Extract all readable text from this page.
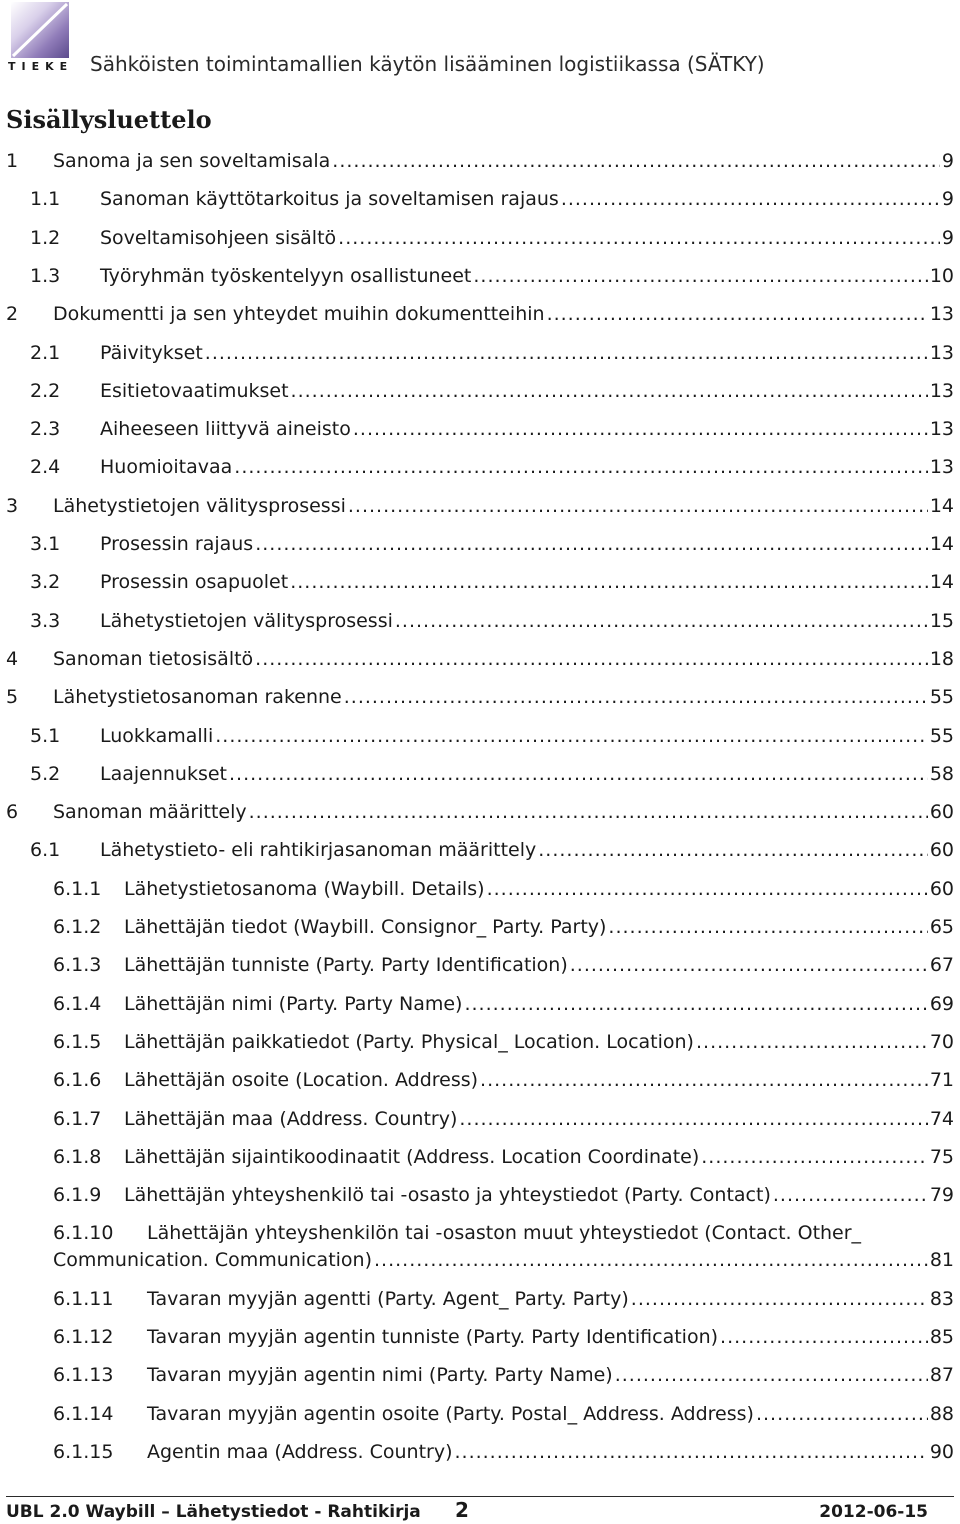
TIEKE Sähköisten toimintamallien käytön lisääminen logistiikassa (SÄTKY)
Sisällysluettelo
1 Sanoma ja sen soveltamisala .....	9
1.1 Sanoman käyttötarkoitus ja soveltamisen rajaus .....	9
1.2 Soveltamisohjeen sisältö .....	9
1.3 Työryhmän työskentelyyn osallistuneet .....	10
2 Dokumentti ja sen yhteydet muihin dokumentteihin .....	13
2.1 Päivitykset .....	13
2.2 Esitietovaatimukset .....	13
2.3 Aiheeseen liittyvä aineisto .....	13
2.4 Huomioitavaa .....	13
3 Lähetystietojen välitysprosessi .....	14
3.1 Prosessin rajaus .....	14
3.2 Prosessin osapuolet .....	14
3.3 Lähetystietojen välitysprosessi .....	15
4 Sanoman tietosisältö .....	18
5 Lähetystietosanoman rakenne .....	55
5.1 Luokkamalli .....	55
5.2 Laajennukset .....	58
6 Sanoman määrittely .....	60
6.1 Lähetystieto- eli rahtikirjasanoman määrittely .....	60
6.1.1 Lähetystietosanoma (Waybill. Details) .....	60
6.1.2 Lähettäjän tiedot (Waybill. Consignor_ Party. Party) .....	65
6.1.3 Lähettäjän tunniste (Party. Party Identification) .....	67
6.1.4 Lähettäjän nimi (Party. Party Name) .....	69
6.1.5 Lähettäjän paikkatiedot (Party. Physical_ Location. Location) .....	70
6.1.6 Lähettäjän osoite (Location. Address) .....	71
6.1.7 Lähettäjän maa (Address. Country) .....	74
6.1.8 Lähettäjän sijaintikoodinaatit (Address. Location Coordinate) .....	75
6.1.9 Lähettäjän yhteyshenkilö tai -osasto ja yhteystiedot (Party. Contact) .....	79
6.1.10 Lähettäjän yhteyshenkilön tai -osaston muut yhteystiedot (Contact. Other_
Communication. Communication) .....	81
6.1.11 Tavaran myyjän agentti (Party. Agent_ Party. Party) .....	83
6.1.12 Tavaran myyjän agentin tunniste (Party. Party Identification) .....	85
6.1.13 Tavaran myyjän agentin nimi (Party. Party Name) .....	87
6.1.14 Tavaran myyjän agentin osoite (Party. Postal_ Address. Address) .....	88
6.1.15 Agentin maa (Address. Country) .....	90
UBL 2.0 Waybill – Lähetystiedot - Rahtikirja 2	2012-06-15
